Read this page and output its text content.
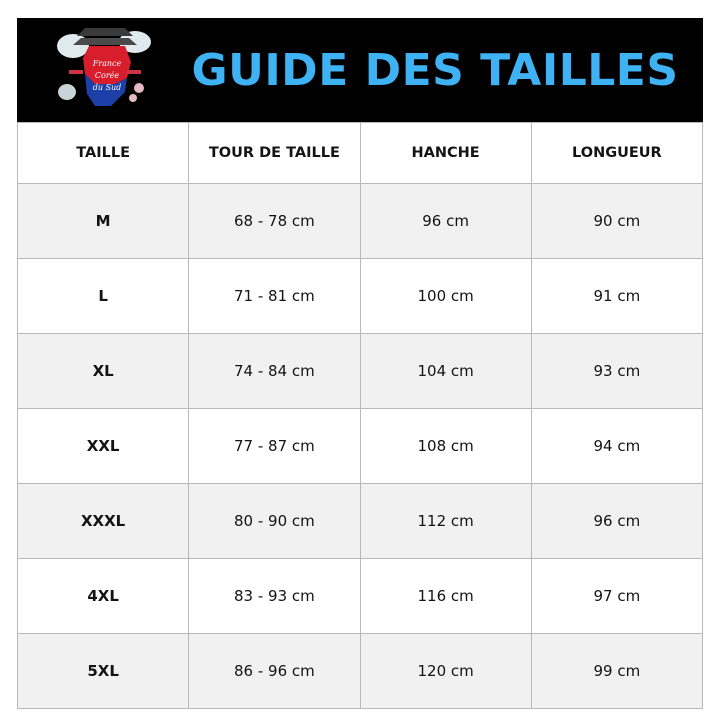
France
Corée
du Sud	GUIDE DES TAILLES
TAILLE	TOUR DE TAILLE	HANCHE	LONGUEUR
M	68 - 78 cm	96 cm	90 cm
L	71 - 81 cm	100 cm	91 cm
XL	74 - 84 cm	104 cm	93 cm
XXL	77 - 87 cm	108 cm	94 cm
XXXL	80 - 90 cm	112 cm	96 cm
4XL	83 - 93 cm	116 cm	97 cm
5XL	86 - 96 cm	120 cm	99 cm
